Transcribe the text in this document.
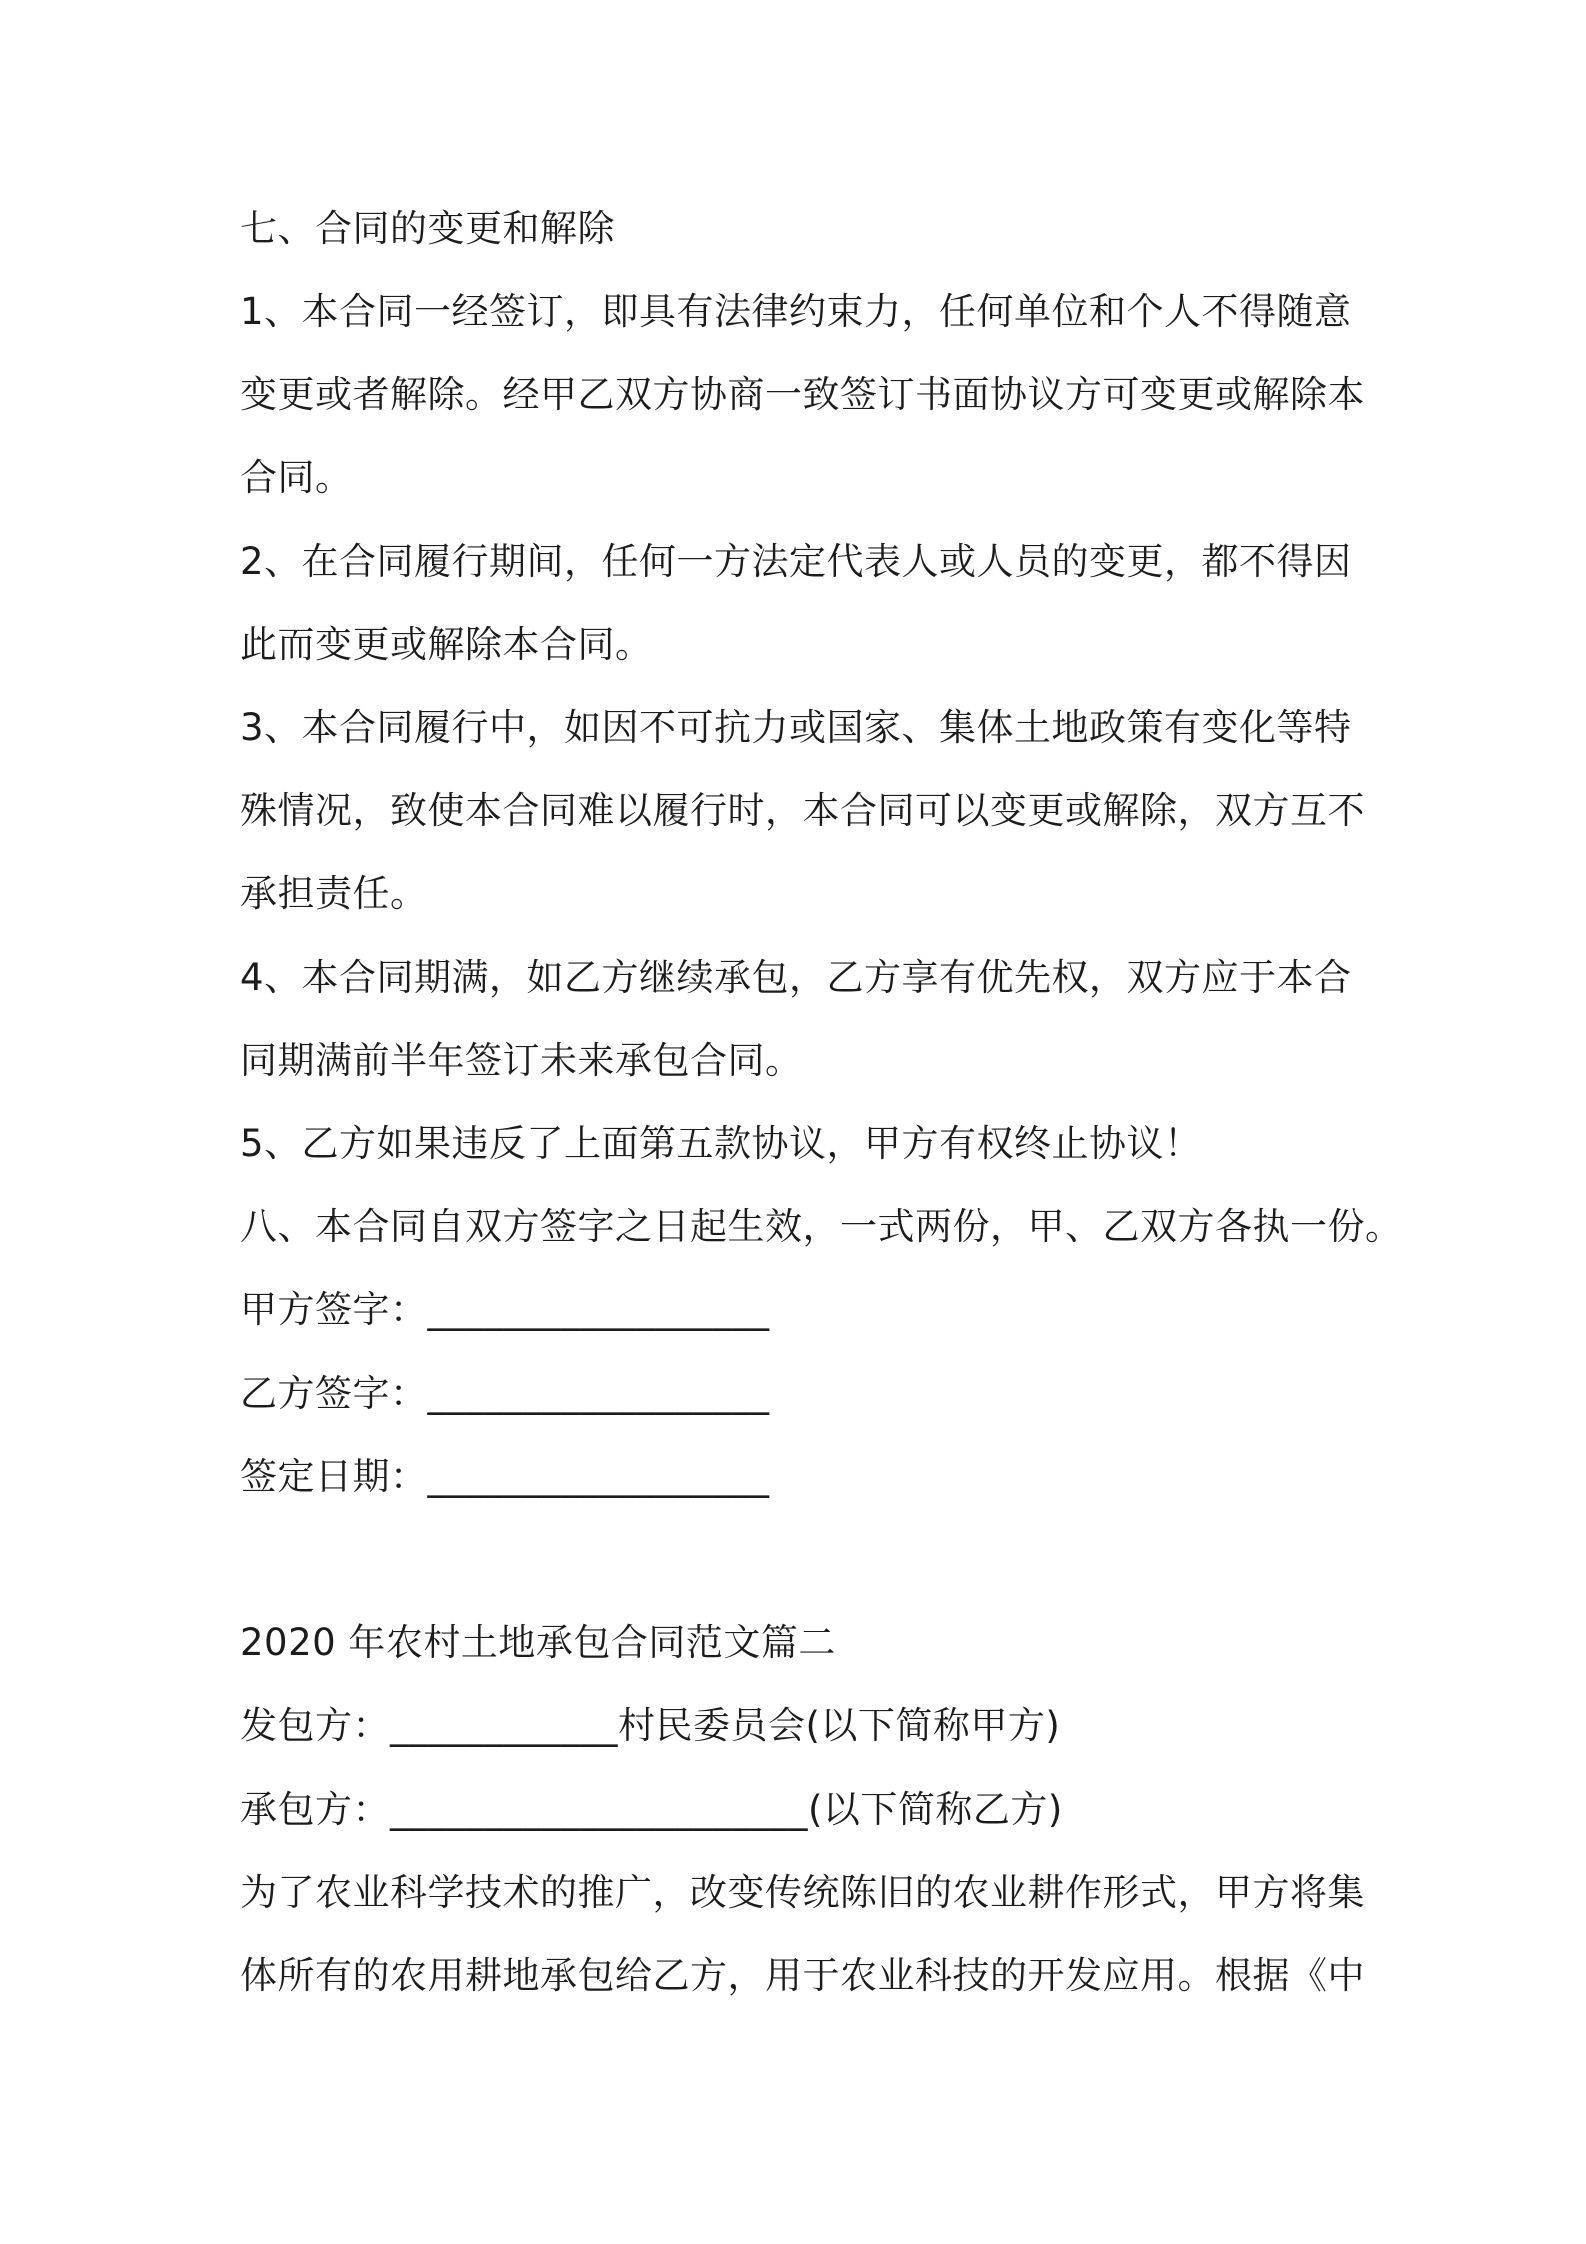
七、合同的变更和解除
1、本合同一经签订，即具有法律约束力，任何单位和个人不得随意
变更或者解除。经甲乙双方协商一致签订书面协议方可变更或解除本
合同。
2、在合同履行期间，任何一方法定代表人或人员的变更，都不得因
此而变更或解除本合同。
3、本合同履行中，如因不可抗力或国家、集体土地政策有变化等特
殊情况，致使本合同难以履行时，本合同可以变更或解除，双方互不
承担责任。
4、本合同期满，如乙方继续承包，乙方享有优先权，双方应于本合
同期满前半年签订未来承包合同。
5、乙方如果违反了上面第五款协议，甲方有权终止协议！
八、本合同自双方签字之日起生效，一式两份，甲、乙双方各执一份。
甲方签字：__________________
乙方签字：__________________
签定日期：__________________
2020 年农村土地承包合同范文篇二
发包方：____________村民委员会(以下简称甲方)
承包方：______________________(以下简称乙方)
为了农业科学技术的推广，改变传统陈旧的农业耕作形式，甲方将集
体所有的农用耕地承包给乙方，用于农业科技的开发应用。根据《中
